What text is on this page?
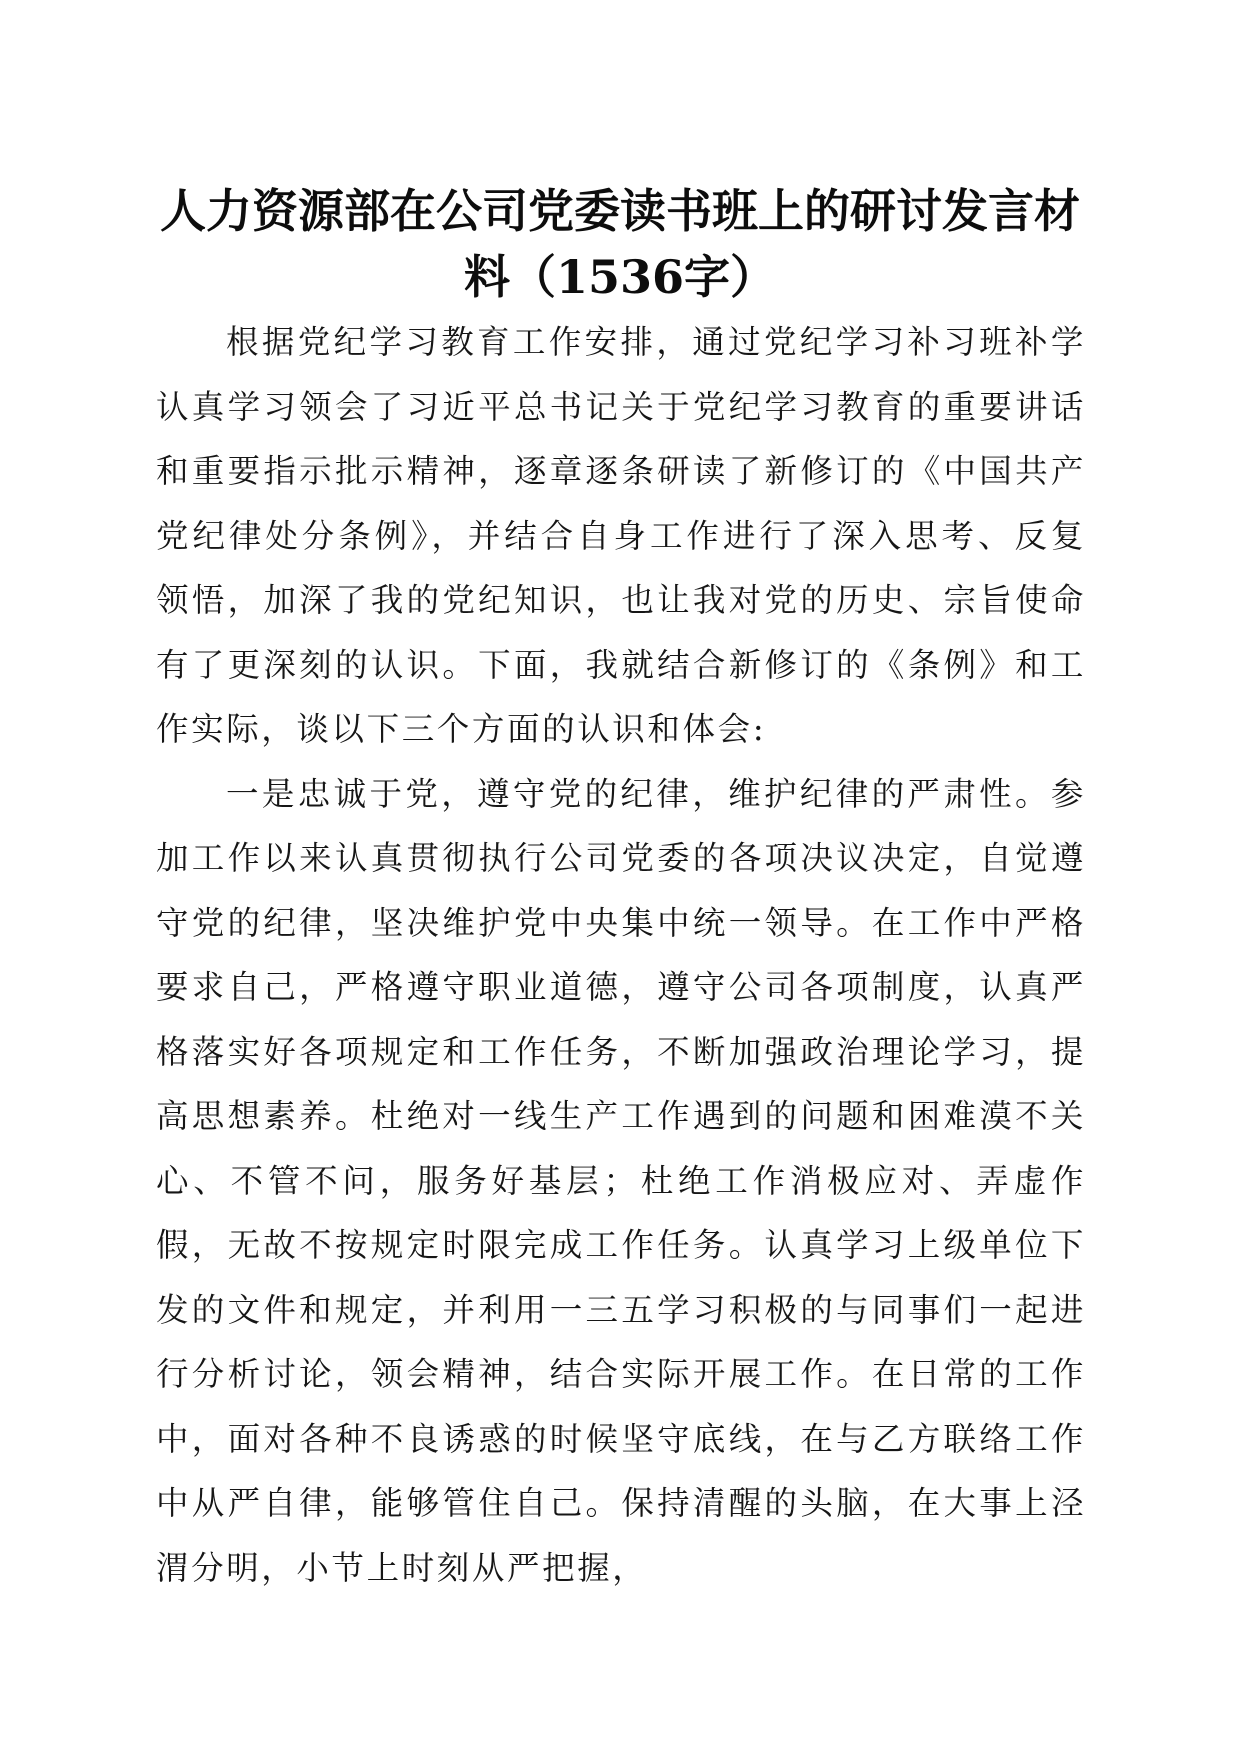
人力资源部在公司党委读书班上的研讨发言材
料（1536字）

根据党纪学习教育工作安排，通过党纪学习补习班补学认真学习领会了习近平总书记关于党纪学习教育的重要讲话和重要指示批示精神，逐章逐条研读了新修订的《中国共产党纪律处分条例》，并结合自身工作进行了深入思考、反复领悟，加深了我的党纪知识，也让我对党的历史、宗旨使命有了更深刻的认识。下面，我就结合新修订的《条例》和工作实际，谈以下三个方面的认识和体会:

一是忠诚于党，遵守党的纪律，维护纪律的严肃性。参加工作以来认真贯彻执行公司党委的各项决议决定，自觉遵守党的纪律，坚决维护党中央集中统一领导。在工作中严格要求自己，严格遵守职业道德，遵守公司各项制度，认真严格落实好各项规定和工作任务，不断加强政治理论学习，提高思想素养。杜绝对一线生产工作遇到的问题和困难漠不关心、不管不问，服务好基层；杜绝工作消极应对、弄虚作假，无故不按规定时限完成工作任务。认真学习上级单位下发的文件和规定，并利用一三五学习积极的与同事们一起进行分析讨论，领会精神，结合实际开展工作。在日常的工作中，面对各种不良诱惑的时候坚守底线，在与乙方联络工作中从严自律，能够管住自己。保持清醒的头脑，在大事上泾渭分明，小节上时刻从严把握，
